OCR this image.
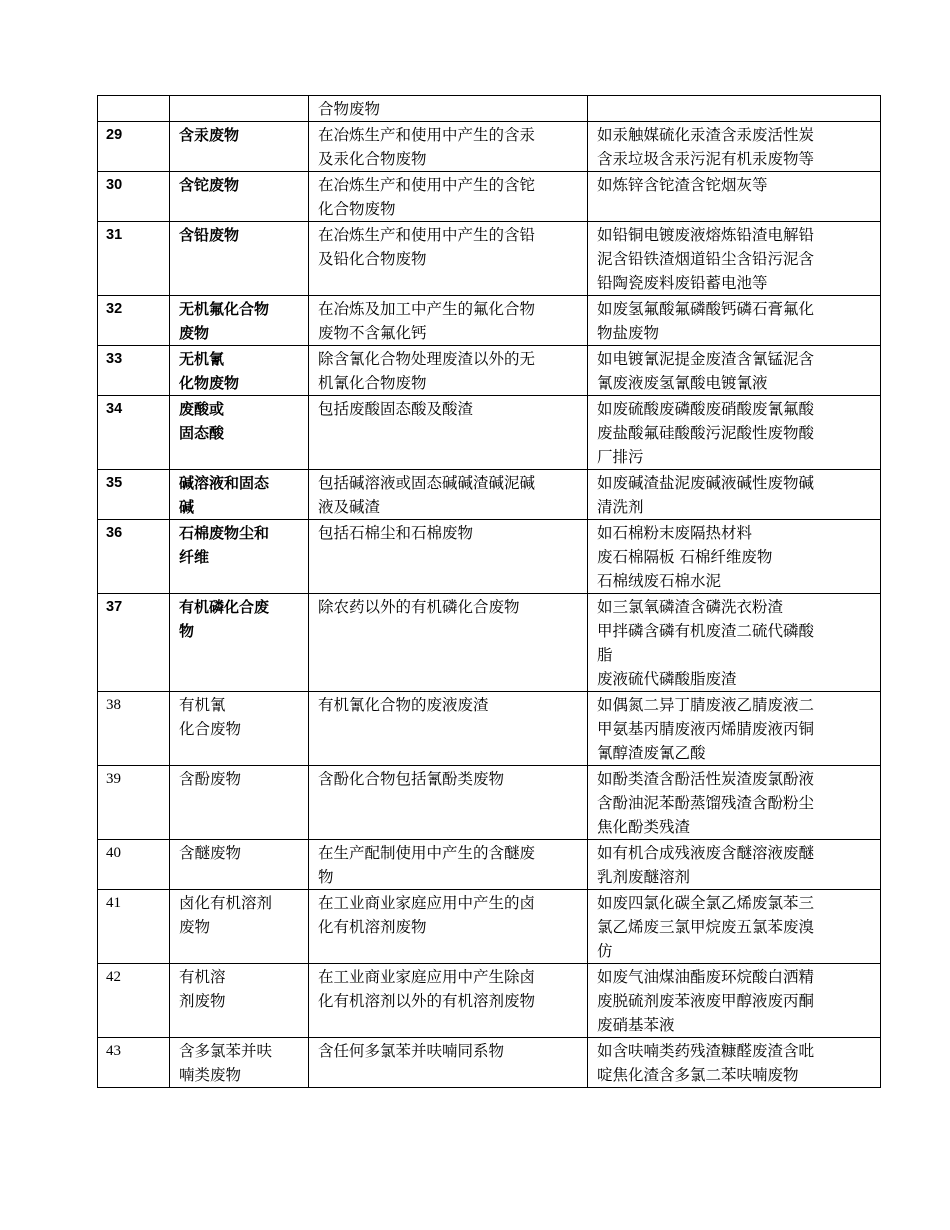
		合物废物	

29	含汞废物	在冶炼生产和使用中产生的含汞
及汞化合物废物	如汞触媒硫化汞渣含汞废活性炭
含汞垃圾含汞污泥有机汞废物等

30	含铊废物	在冶炼生产和使用中产生的含铊
化合物废物	如炼锌含铊渣含铊烟灰等

31	含铅废物	在冶炼生产和使用中产生的含铅
及铅化合物废物	如铅铜电镀废液熔炼铅渣电解铅
泥含铅铁渣烟道铅尘含铅污泥含
铅陶瓷废料废铅蓄电池等

32	无机氟化合物
废物	在冶炼及加工中产生的氟化合物
废物不含氟化钙	如废氢氟酸氟磷酸钙磷石膏氟化
物盐废物

33	无机氰
化物废物	除含氰化合物处理废渣以外的无
机氰化合物废物	如电镀氰泥提金废渣含氰锰泥含
氰废液废氢氰酸电镀氰液

34	废酸或
固态酸	包括废酸固态酸及酸渣	如废硫酸废磷酸废硝酸废氰氟酸
废盐酸氟硅酸酸污泥酸性废物酸
厂排污

35	碱溶液和固态
碱	包括碱溶液或固态碱碱渣碱泥碱
液及碱渣	如废碱渣盐泥废碱液碱性废物碱
清洗剂

36	石棉废物尘和
纤维	包括石棉尘和石棉废物	如石棉粉末废隔热材料
废石棉隔板 石棉纤维废物
石棉绒废石棉水泥

37	有机磷化合废
物	除农药以外的有机磷化合废物	如三氯氧磷渣含磷洗衣粉渣
甲拌磷含磷有机废渣二硫代磷酸
脂
废液硫代磷酸脂废渣

38	有机氰
化合废物	有机氰化合物的废液废渣	如偶氮二异丁腈废液乙腈废液二
甲氨基丙腈废液丙烯腈废液丙铜
氰醇渣废氰乙酸

39	含酚废物	含酚化合物包括氰酚类废物	如酚类渣含酚活性炭渣废氯酚液
含酚油泥苯酚蒸馏残渣含酚粉尘
焦化酚类残渣

40	含醚废物	在生产配制使用中产生的含醚废
物	如有机合成残液废含醚溶液废醚
乳剂废醚溶剂

41	卤化有机溶剂
废物	在工业商业家庭应用中产生的卤
化有机溶剂废物	如废四氯化碳全氯乙烯废氯苯三
氯乙烯废三氯甲烷废五氯苯废溴
仿

42	有机溶
剂废物	在工业商业家庭应用中产生除卤
化有机溶剂以外的有机溶剂废物	如废气油煤油酯废环烷酸白洒精
废脱硫剂废苯液废甲醇液废丙酮
废硝基苯液

43	含多氯苯并呋
喃类废物	含任何多氯苯并呋喃同系物	如含呋喃类药残渣糠醛废渣含吡
啶焦化渣含多氯二苯呋喃废物
